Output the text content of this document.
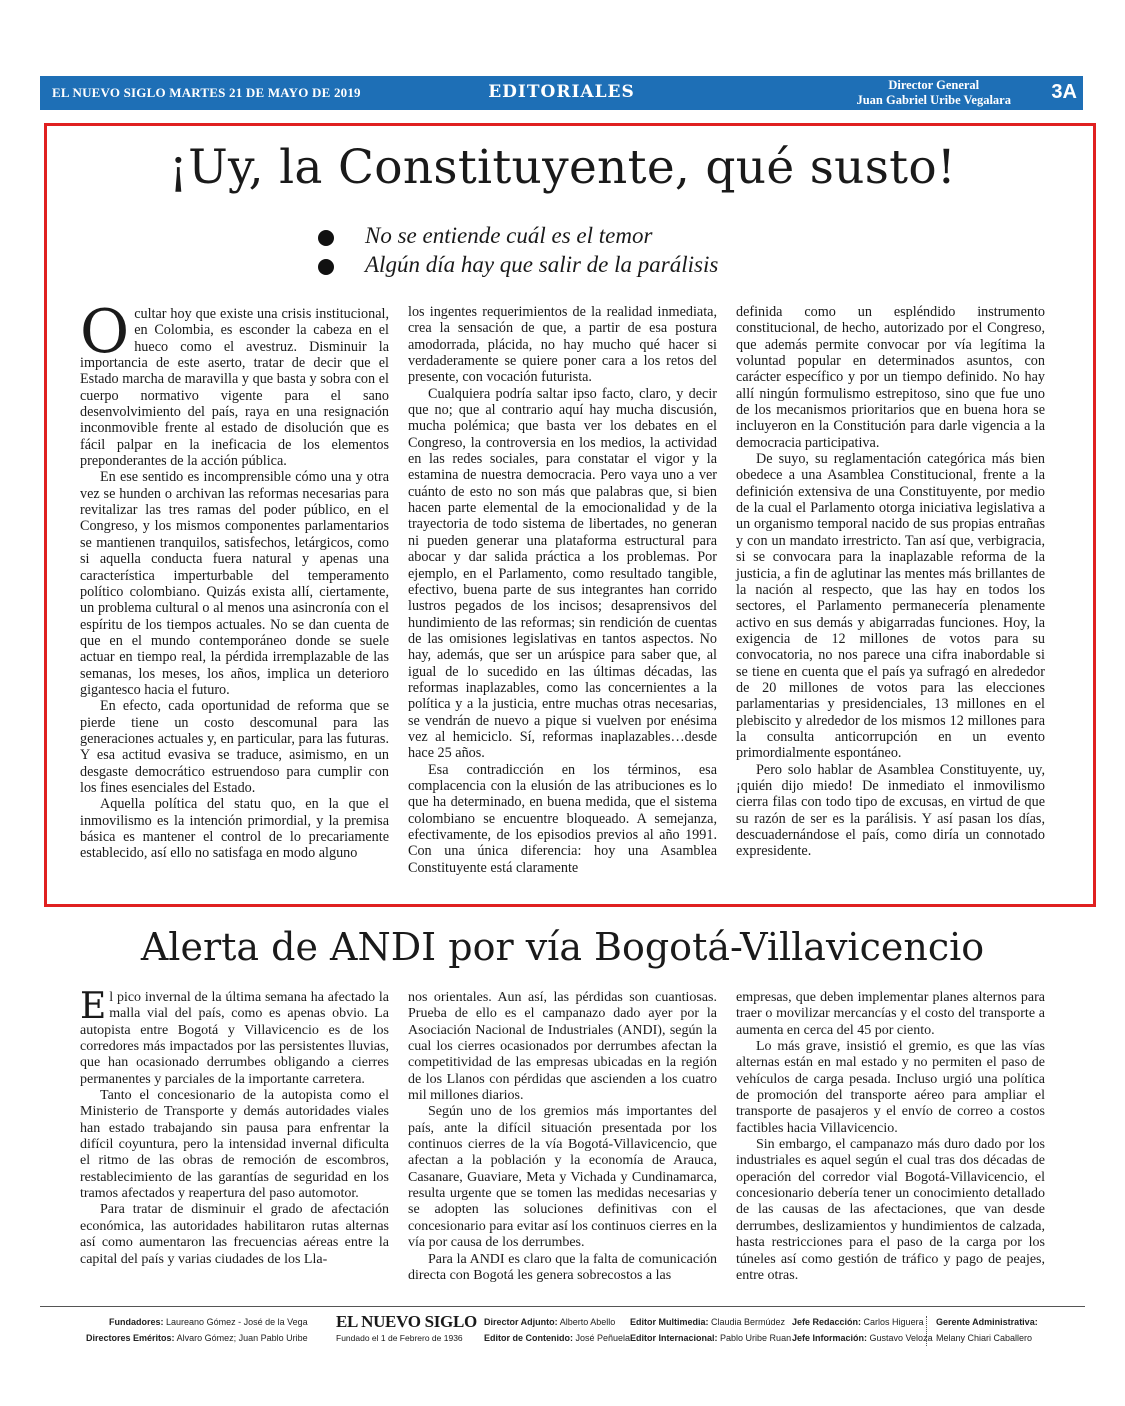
EL NUEVO SIGLO MARTES 21 DE MAYO DE 2019	EDITORIALES	Director General
Juan Gabriel Uribe Vegalara 3A
¡Uy, la Constituyente, qué susto!
No se entiende cuál es el temor
Algún día hay que salir de la parálisis

Ocultar hoy que existe una crisis institucional, en Colombia, es esconder la cabeza en el hueco como el avestruz. Disminuir la importancia de este aserto, tratar de decir que el Estado marcha de maravilla y que basta y sobra con el cuerpo normativo vigente para el sano desenvolvimiento del país, raya en una resignación inconmovible frente al estado de disolución que es fácil palpar en la ineficacia de los elementos preponderantes de la acción pública.

En ese sentido es incomprensible cómo una y otra vez se hunden o archivan las reformas necesarias para revitalizar las tres ramas del poder público, en el Congreso, y los mismos componentes parlamentarios se mantienen tranquilos, satisfechos, letárgicos, como si aquella conducta fuera natural y apenas una característica imperturbable del temperamento político colombiano. Quizás exista allí, ciertamente, un problema cultural o al menos una asincronía con el espíritu de los tiempos actuales. No se dan cuenta de que en el mundo contemporáneo donde se suele actuar en tiempo real, la pérdida irremplazable de las semanas, los meses, los años, implica un deterioro gigantesco hacia el futuro.

En efecto, cada oportunidad de reforma que se pierde tiene un costo descomunal para las generaciones actuales y, en particular, para las futuras. Y esa actitud evasiva se traduce, asimismo, en un desgaste democrático estruendoso para cumplir con los fines esenciales del Estado.

Aquella política del statu quo, en la que el inmovilismo es la intención primordial, y la premisa básica es mantener el control de lo precariamente establecido, así ello no satisfaga en modo alguno

los ingentes requerimientos de la realidad inmediata, crea la sensación de que, a partir de esa postura amodorrada, plácida, no hay mucho qué hacer si verdaderamente se quiere poner cara a los retos del presente, con vocación futurista.

Cualquiera podría saltar ipso facto, claro, y decir que no; que al contrario aquí hay mucha discusión, mucha polémica; que basta ver los debates en el Congreso, la controversia en los medios, la actividad en las redes sociales, para constatar el vigor y la estamina de nuestra democracia. Pero vaya uno a ver cuánto de esto no son más que palabras que, si bien hacen parte elemental de la emocionalidad y de la trayectoria de todo sistema de libertades, no generan ni pueden generar una plataforma estructural para abocar y dar salida práctica a los problemas. Por ejemplo, en el Parlamento, como resultado tangible, efectivo, buena parte de sus integrantes han corrido lustros pegados de los incisos; desaprensivos del hundimiento de las reformas; sin rendición de cuentas de las omisiones legislativas en tantos aspectos. No hay, además, que ser un arúspice para saber que, al igual de lo sucedido en las últimas décadas, las reformas inaplazables, como las concernientes a la política y a la justicia, entre muchas otras necesarias, se vendrán de nuevo a pique si vuelven por enésima vez al hemiciclo. Sí, reformas inaplazables…desde hace 25 años.

Esa contradicción en los términos, esa complacencia con la elusión de las atribuciones es lo que ha determinado, en buena medida, que el sistema colombiano se encuentre bloqueado. A semejanza, efectivamente, de los episodios previos al año 1991. Con una única diferencia: hoy una Asamblea Constituyente está claramente

definida como un espléndido instrumento constitucional, de hecho, autorizado por el Congreso, que además permite convocar por vía legítima la voluntad popular en determinados asuntos, con carácter específico y por un tiempo definido. No hay allí ningún formulismo estrepitoso, sino que fue uno de los mecanismos prioritarios que en buena hora se incluyeron en la Constitución para darle vigencia a la democracia participativa.

De suyo, su reglamentación categórica más bien obedece a una Asamblea Constitucional, frente a la definición extensiva de una Constituyente, por medio de la cual el Parlamento otorga iniciativa legislativa a un organismo temporal nacido de sus propias entrañas y con un mandato irrestricto. Tan así que, verbigracia, si se convocara para la inaplazable reforma de la justicia, a fin de aglutinar las mentes más brillantes de la nación al respecto, que las hay en todos los sectores, el Parlamento permanecería plenamente activo en sus demás y abigarradas funciones. Hoy, la exigencia de 12 millones de votos para su convocatoria, no nos parece una cifra inabordable si se tiene en cuenta que el país ya sufragó en alrededor de 20 millones de votos para las elecciones parlamentarias y presidenciales, 13 millones en el plebiscito y alrededor de los mismos 12 millones para la consulta anticorrupción en un evento primordialmente espontáneo.

Pero solo hablar de Asamblea Constituyente, uy, ¡quién dijo miedo! De inmediato el inmovilismo cierra filas con todo tipo de excusas, en virtud de que su razón de ser es la parálisis. Y así pasan los días, descuadernándose el país, como diría un connotado expresidente.

Alerta de ANDI por vía Bogotá-Villavicencio

El pico invernal de la última semana ha afectado la malla vial del país, como es apenas obvio. La autopista entre Bogotá y Villavicencio es de los corredores más impactados por las persistentes lluvias, que han ocasionado derrumbes obligando a cierres permanentes y parciales de la importante carretera.

Tanto el concesionario de la autopista como el Ministerio de Transporte y demás autoridades viales han estado trabajando sin pausa para enfrentar la difícil coyuntura, pero la intensidad invernal dificulta el ritmo de las obras de remoción de escombros, restablecimiento de las garantías de seguridad en los tramos afectados y reapertura del paso automotor.

Para tratar de disminuir el grado de afectación económica, las autoridades habilitaron rutas alternas así como aumentaron las frecuencias aéreas entre la capital del país y varias ciudades de los Lla-

nos orientales. Aun así, las pérdidas son cuantiosas. Prueba de ello es el campanazo dado ayer por la Asociación Nacional de Industriales (ANDI), según la cual los cierres ocasionados por derrumbes afectan la competitividad de las empresas ubicadas en la región de los Llanos con pérdidas que ascienden a los cuatro mil millones diarios.

Según uno de los gremios más importantes del país, ante la difícil situación presentada por los continuos cierres de la vía Bogotá-Villavicencio, que afectan a la población y la economía de Arauca, Casanare, Guaviare, Meta y Vichada y Cundinamarca, resulta urgente que se tomen las medidas necesarias y se adopten las soluciones definitivas con el concesionario para evitar así los continuos cierres en la vía por causa de los derrumbes.

Para la ANDI es claro que la falta de comunicación directa con Bogotá les genera sobrecostos a las

empresas, que deben implementar planes alternos para traer o movilizar mercancías y el costo del transporte a aumenta en cerca del 45 por ciento.

Lo más grave, insistió el gremio, es que las vías alternas están en mal estado y no permiten el paso de vehículos de carga pesada. Incluso urgió una política de promoción del transporte aéreo para ampliar el transporte de pasajeros y el envío de correo a costos factibles hacia Villavicencio.

Sin embargo, el campanazo más duro dado por los industriales es aquel según el cual tras dos décadas de operación del corredor vial Bogotá-Villavicencio, el concesionario debería tener un conocimiento detallado de las causas de las afectaciones, que van desde derrumbes, deslizamientos y hundimientos de calzada, hasta restricciones para el paso de la carga por los túneles así como gestión de tráfico y pago de peajes, entre otras.

Fundadores: Laureano Gómez - José de la Vega
Directores Eméritos: Alvaro Gómez; Juan Pablo Uribe
EL NUEVO SIGLO
Fundado el 1 de Febrero de 1936
Director Adjunto: Alberto Abello
Editor de Contenido: José Peñuela
Editor Multimedia: Claudia Bermúdez
Editor Internacional: Pablo Uribe Ruan
Jefe Redacción: Carlos Higuera
Jefe Información: Gustavo Veloza
Gerente Administrativa:
Melany Chiari Caballero
